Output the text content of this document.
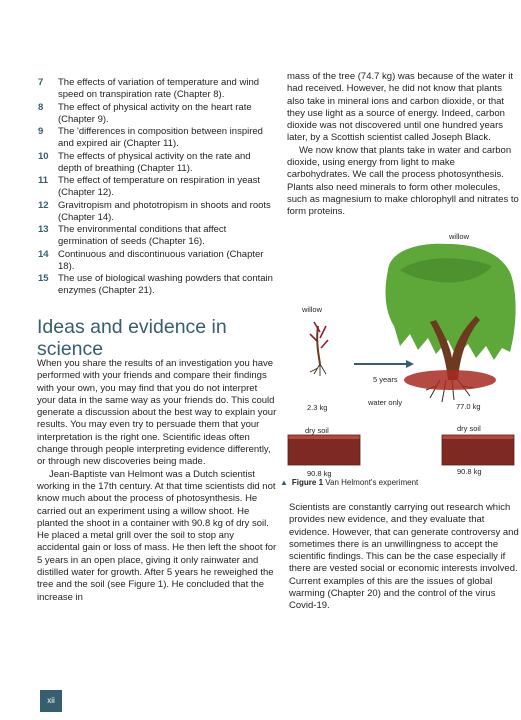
7 The effects of variation of temperature and wind speed on transpiration rate (Chapter 8).
8 The effect of physical activity on the heart rate (Chapter 9).
9 The 'differences in composition between inspired and expired air (Chapter 11).
10 The effects of physical activity on the rate and depth of breathing (Chapter 11).
11 The effect of temperature on respiration in yeast (Chapter 12).
12 Gravitropism and phototropism in shoots and roots (Chapter 14).
13 The environmental conditions that affect germination of seeds (Chapter 16).
14 Continuous and discontinuous variation (Chapter 18).
15 The use of biological washing powders that contain enzymes (Chapter 21).
Ideas and evidence in science

When you share the results of an investigation you have performed with your friends and compare their findings with your own, you may find that you do not interpret your data in the same way as your friends do. This could generate a discussion about the best way to explain your results. You may even try to persuade them that your interpretation is the right one. Scientific ideas often change through people interpreting evidence differently, or through new discoveries being made.

Jean-Baptiste van Helmont was a Dutch scientist working in the 17th century. At that time scientists did not know much about the process of photosynthesis. He carried out an experiment using a willow shoot. He planted the shoot in a container with 90.8 kg of dry soil. He placed a metal grill over the soil to stop any accidental gain or loss of mass. He then left the shoot for 5 years in an open place, giving it only rainwater and distilled water for growth. After 5 years he reweighed the tree and the soil (see Figure 1). He concluded that the increase in

mass of the tree (74.7 kg) was because of the water it had received. However, he did not know that plants also take in mineral ions and carbon dioxide, or that they use light as a source of energy. Indeed, carbon dioxide was not discovered until one hundred years later, by a Scottish scientist called Joseph Black.

We now know that plants take in water and carbon dioxide, using energy from light to make carbohydrates. We call the process photosynthesis. Plants also need minerals to form other molecules, such as magnesium to make chlorophyll and nitrates to form proteins.

willow
willow
5 years
water only
2.3 kg	77.0 kg
dry soil	dry soil
90.8 kg	90.8 kg
▲ Figure 1 Van Helmont's experiment

Scientists are constantly carrying out research which provides new evidence, and they evaluate that evidence. However, that can generate controversy and sometimes there is an unwillingness to accept the scientific findings. This can be the case especially if there are vested social or economic interests involved. Current examples of this are the issues of global warming (Chapter 20) and the control of the virus Covid-19.

xii
